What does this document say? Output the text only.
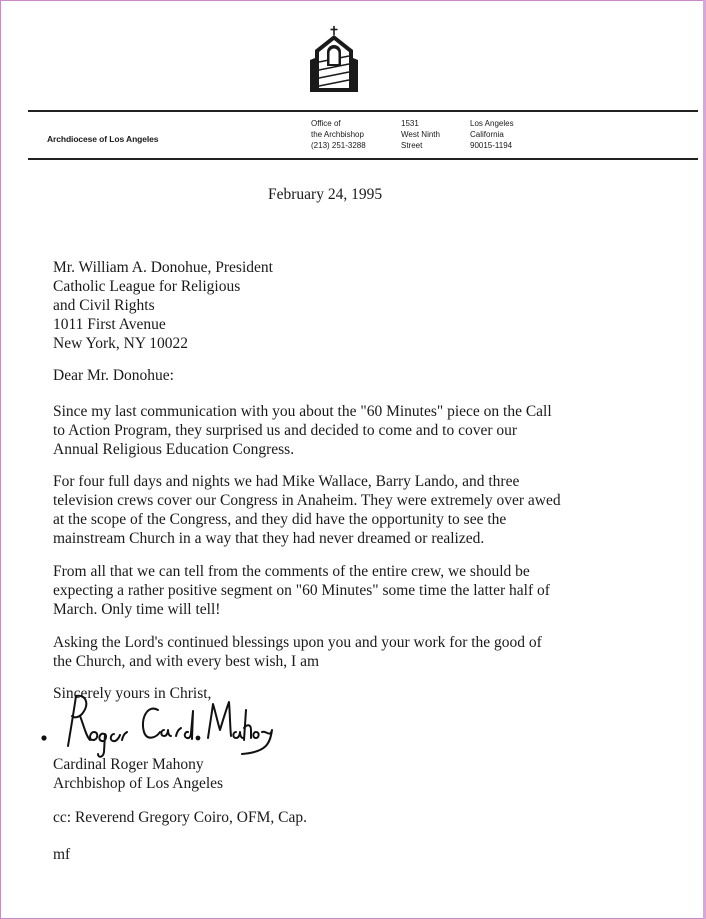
Archdiocese of Los Angeles
Office of
the Archbishop
(213) 251-3288
1531
West Ninth
Street
Los Angeles
California
90015-1194
February 24, 1995
Mr. William A. Donohue, President
Catholic League for Religious
and Civil Rights
1011 First Avenue
New York, NY 10022
Dear Mr. Donohue:
Since my last communication with you about the "60 Minutes" piece on the Call
to Action Program, they surprised us and decided to come and to cover our
Annual Religious Education Congress.
For four full days and nights we had Mike Wallace, Barry Lando, and three
television crews cover our Congress in Anaheim. They were extremely over awed
at the scope of the Congress, and they did have the opportunity to see the
mainstream Church in a way that they had never dreamed or realized.
From all that we can tell from the comments of the entire crew, we should be
expecting a rather positive segment on "60 Minutes" some time the latter half of
March. Only time will tell!
Asking the Lord's continued blessings upon you and your work for the good of
the Church, and with every best wish, I am
Sincerely yours in Christ,
Cardinal Roger Mahony
Archbishop of Los Angeles
cc: Reverend Gregory Coiro, OFM, Cap.
mf
